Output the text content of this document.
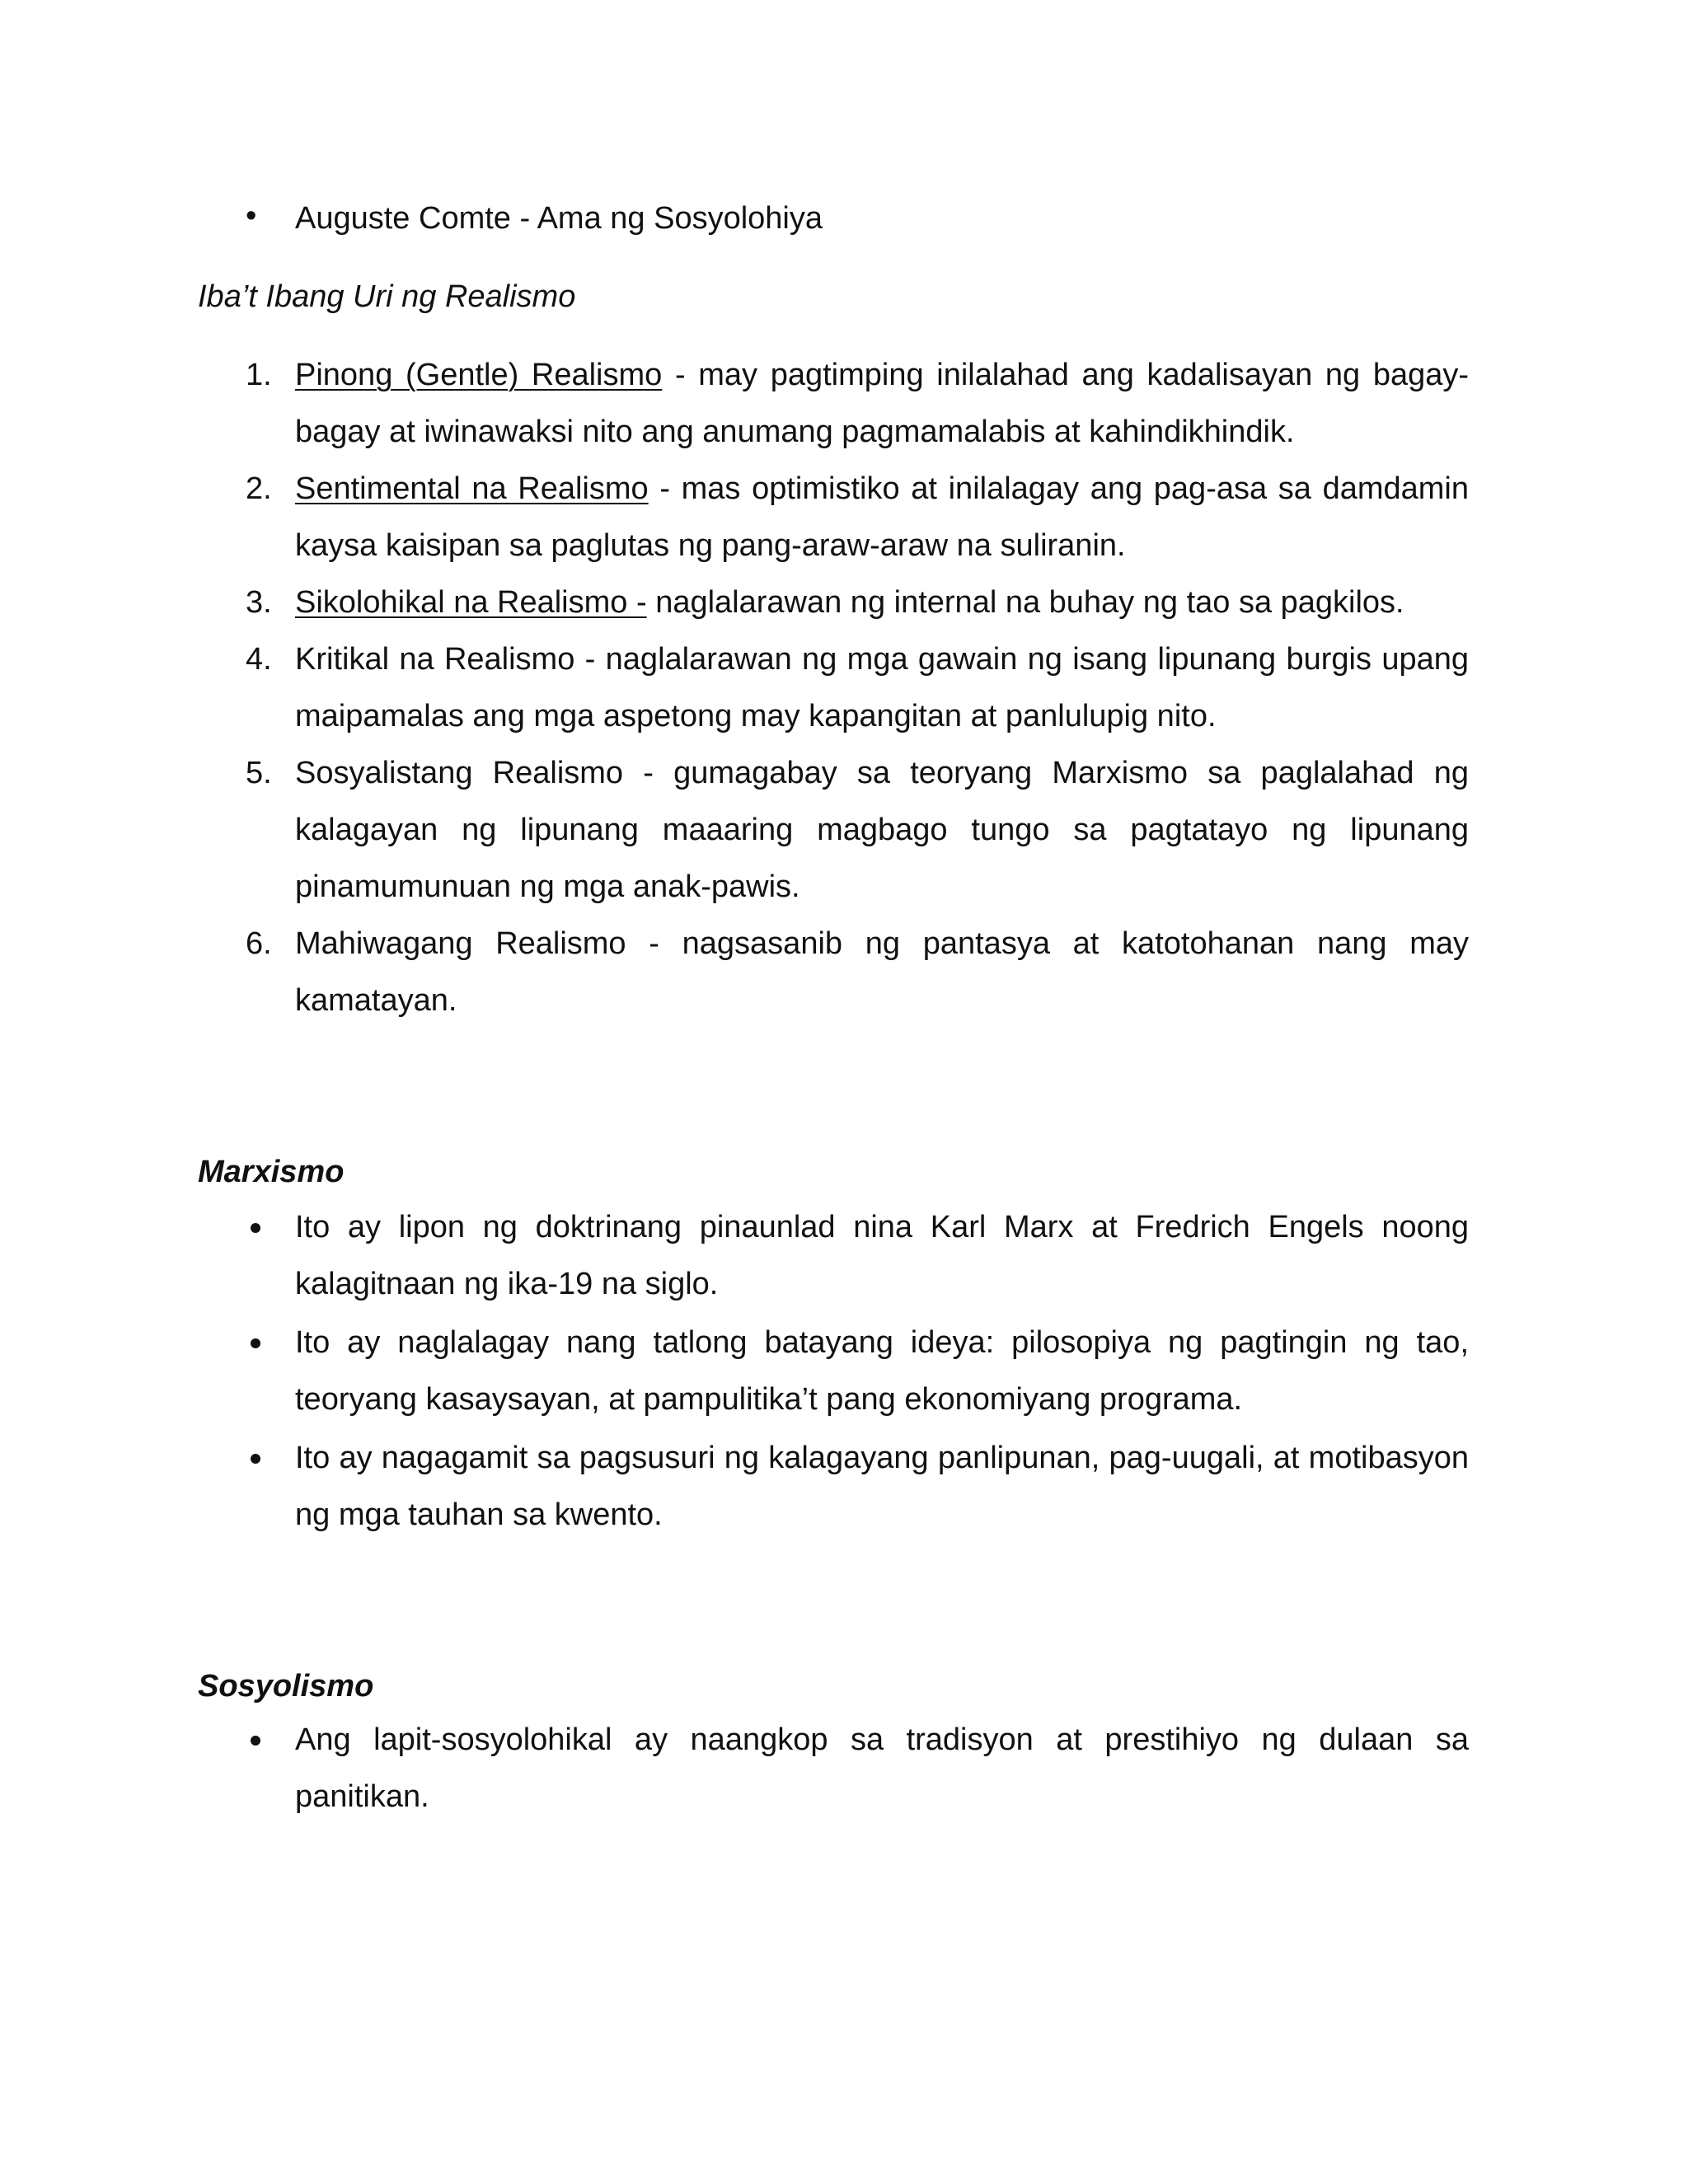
• Auguste Comte - Ama ng Sosyolohiya
Iba’t Ibang Uri ng Realismo
1. Pinong (Gentle) Realismo - may pagtimping inilalahad ang kadalisayan ng bagay-bagay at iwinawaksi nito ang anumang pagmamalabis at kahindikhindik.
2. Sentimental na Realismo - mas optimistiko at inilalagay ang pag-asa sa damdamin kaysa kaisipan sa paglutas ng pang-araw-araw na suliranin.
3. Sikolohikal na Realismo - naglalarawan ng internal na buhay ng tao sa pagkilos.
4. Kritikal na Realismo - naglalarawan ng mga gawain ng isang lipunang burgis upang maipamalas ang mga aspetong may kapangitan at panlulupig nito.
5. Sosyalistang Realismo - gumagabay sa teoryang Marxismo sa paglalahad ng kalagayan ng lipunang maaaring magbago tungo sa pagtatayo ng lipunang pinamumunuan ng mga anak-pawis.
6. Mahiwagang Realismo - nagsasanib ng pantasya at katotohanan nang may kamatayan.
Marxismo
Ito ay lipon ng doktrinang pinaunlad nina Karl Marx at Fredrich Engels noong kalagitnaan ng ika-19 na siglo.
Ito ay naglalagay nang tatlong batayang ideya: pilosopiya ng pagtingin ng tao, teoryang kasaysayan, at pampulitika’t pang ekonomiyang programa.
Ito ay nagagamit sa pagsusuri ng kalagayang panlipunan, pag-uugali, at motibasyon ng mga tauhan sa kwento.
Sosyolismo
Ang lapit-sosyolohikal ay naangkop sa tradisyon at prestihiyo ng dulaan sa panitikan.
